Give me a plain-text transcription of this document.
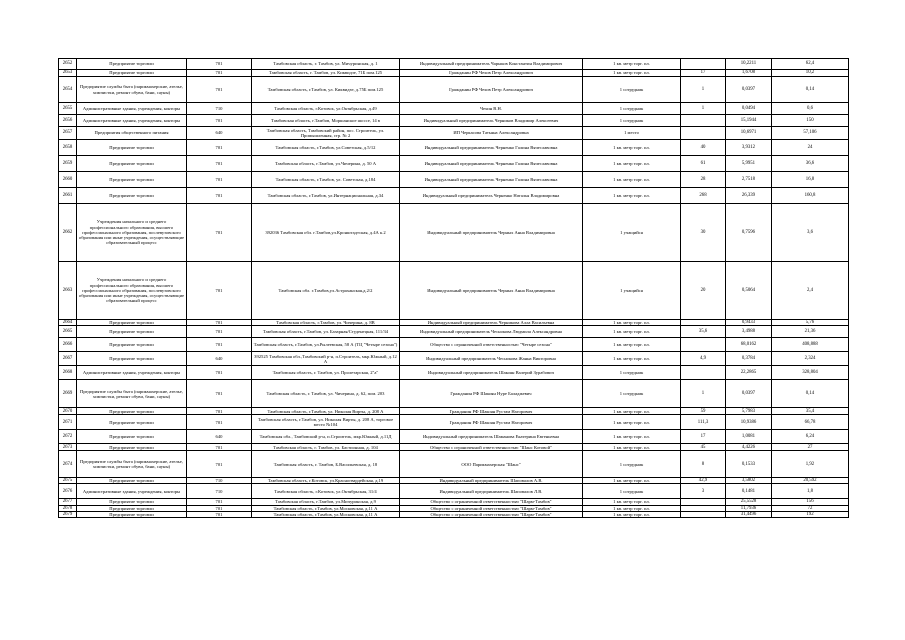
2652	Предприятие торговли	701	Тамбовская область, г. Тамбов, ул. Мичуринская, д. 1	Индивидуальный предприниматель Чарыков Константин Владимирович	1 кв. метр торг. пл.		10,2211	62,4
2653	Предприятие торговли	701	Тамбовская область, г. Тамбов, ул. Киквидзе, 71Б пом.125	Гражданин РФ Чехов Петр Александрович	1 кв. метр торг. пл.	17	1,6708	10,2
2654	Предприятие службы быта (парикмахерские, ателье, химчистки, ремонт обуви, бани, сауны)	701	Тамбовская область, г.Тамбов, ул. Киквидзе, д.75Б пом.125	Гражданин РФ Чехов Петр Александрович	1 сотрудник	1	0,0397	0,14
2655	Административные здания, учреждения, конторы	710	Тамбовская область, г.Котовск, ул.Октябрьская, д.49	Чехин В.Н.	1 сотрудник	1	0,0494	0,6
2656	Административные здания, учреждения, конторы	701	Тамбовская область, г.Тамбов, Моршанское шоссе, 14 в	Индивидуальный предприниматель Черников Владимир Алексеевич	1 сотрудник		15,1944	150
2657	Предприятия общественного питания	640	Тамбовская область, Тамбовский район, пос. Строитель, ул. Промышленная, стр. № 2	ИП Черкасова Татьяна Александровна	1 место		10,6971	57,106
2658	Предприятие торговли	701	Тамбовская область, г.Тамбов, ул.Советская, д.5/12	Индивидуальный предприниматель Черненко Галина Вячеславовна	1 кв. метр торг. пл.	40	3,9312	24
2659	Предприятие торговли	701	Тамбовская область, г.Тамбов, ул.Чичерина, д. 50 А	Индивидуальный предприниматель Черненко Галина Вячеславовна	1 кв. метр торг. пл.	61	5,9951	36,6
2660	Предприятие торговли	701	Тамбовская область, г.Тамбов, ул. Советская, д.184	Индивидуальный предприниматель Черненко Галина Вячеславовна	1 кв. метр торг. пл.	28	2,7518	16,8
2661	Предприятие торговли	701	Тамбовская область, г.Тамбов, ул.Интернациональная, д.34	Индивидуальный предприниматель Черненко Наталья Владимировна	1 кв. метр торг. пл.	268	26,339	160,8
2662	Учреждения начального и среднего профессионального образования, высшего профессионального образования, послевузовского образования или иные учреждения, осуществляющие образовательный процесс	701	392036 Тамбовская обл. г.Тамбов,ул.Кронштадтская, д.4А к.2	Индивидуальный предприниматель Черных Анна Владимировна	1 учащийся	30	0,7596	3,6
2663	Учреждения начального и среднего профессионального образования, высшего профессионального образования, послевузовского образования или иные учреждения, осуществляющие образовательный процесс	701	Тамбовская обл. г.Тамбов,ул.Астраханская,д.2/2	Индивидуальный предприниматель Черных Анна Владимировна	1 учащийся	20	0,5064	2,4
2664	Предприятие торговли	701	Тамбовская область, г.Тамбов, ул. Чичерина, д. 8В	Индивидуальный предприниматель Черникова Алла Васильевна	1 кв. метр торг. пл.		0,9433	5,76
2665	Предприятие торговли	701	Тамбовская область, г.Тамбов, ул. Базарная/Студенецкая, 111/34	Индивидуальный предприниматель Чеснокова Людмила Александровна	1 кв. метр торг. пл.	35,6	3,4988	21,36
2666	Предприятие торговли	701	Тамбовская область, г.Тамбов, ул.Рылеевская, 58 А (ТЦ "Четыре сезона")	Общество с ограниченной ответственностью "Четыре сезона"	1 кв. метр торг. пл.		68,0162	408,888
2667	Предприятие торговли	640	392525 Тамбовская обл.,Тамбовский р-н, п.Строитель, мкр.Южный, д.12 А	Индивидуальный предприниматель Чеснокова Жанна Викторовна	1 кв. метр торг. пл.	4,9	0,3784	2,324
2668	Административные здания, учреждения, конторы	701	Тамбовская область, г. Тамбов, ул. Пролетарская, 2"а"	Индивидуальный предприниматель Шакоян Валерий Зурабович	1 сотрудник		22,2865	328,804
2669	Предприятие службы быта (парикмахерские, ателье, химчистки, ремонт обуви, бани, сауны)	701	Тамбовская область, г. Тамбов, ул. Чичерина, д. 62, пом. 203	Гражданин РФ Шакоян Нуре Баладжевич	1 сотрудник	1	0,0397	0,14
2670	Предприятие торговли	701	Тамбовская область, г.Тамбов, ул. Николая Вирты, д. 208 А	Гражданин РФ Шакоян Рустам Нагорович	1 кв. метр торг. пл.	59	5,7983	35,4
2671	Предприятие торговли	701	Тамбовская область, г.Тамбов, ул. Николая Вирты, д. 208 А, торговое место №104	Гражданин РФ Шакоян Рустам Нагорович	1 кв. метр торг. пл.	111,3	10,9386	66,78
2672	Предприятие торговли	640	Тамбовская обл., Тамбовский р-н, п.Строитель, мкр.Южный, д.11Д	Индивидуальный предприниматель Шаманова Екатерина Евгеньевна	1 кв. метр торг. пл.	17	1,0081	6,24
2673	Предприятие торговли	701	Тамбовская область, г. Тамбов, ул. Бастионная, д. 104	Общество с ограниченной ответственностью "Шанс Котовой"	1 кв. метр торг. пл.	45	4,4226	27
2674	Предприятие службы быта (парикмахерские, ателье, химчистки, ремонт обуви, бани, сауны)	701	Тамбовская область, г. Тамбов, Б.Васильевская, д. 18	ООО Парикмахерская "Шанс"	1 сотрудник	8	0,1533	1,92
2675	Предприятие торговли	710	Тамбовская область, г.Котовск, ул.Красногвардейская, д.19	Индивидуальный предприниматель Шаповалов А.В.	1 кв. метр торг. пл.	42,9	3,5802	20,592
2676	Административные здания, учреждения, конторы	710	Тамбовская область, г.Котовск, ул.Октябрьская, 31/4	Индивидуальный предприниматель Шаповалов Л.В.	1 сотрудник	3	0,1481	1,8
2677	Предприятие торговли	701	Тамбовская область, г.Тамбов, ул.Мичуринская, д.9	Общество с ограниченной ответственностью "Шарм-Тамбов"	1 кв. метр торг. пл.		25,5528	156
2678	Предприятие торговли	701	Тамбовская область, г.Тамбов, ул.Московская, д.11 А	Общество с ограниченной ответственностью "Шарм-Тамбов"	1 кв. метр торг. пл.		11,7936	72
2679	Предприятие торговли	701	Тамбовская область, г.Тамбов, ул.Московская, д.11 А	Общество с ограниченной ответственностью "Шарм-Тамбов"	1 кв. метр торг. пл.		31,4496	192
